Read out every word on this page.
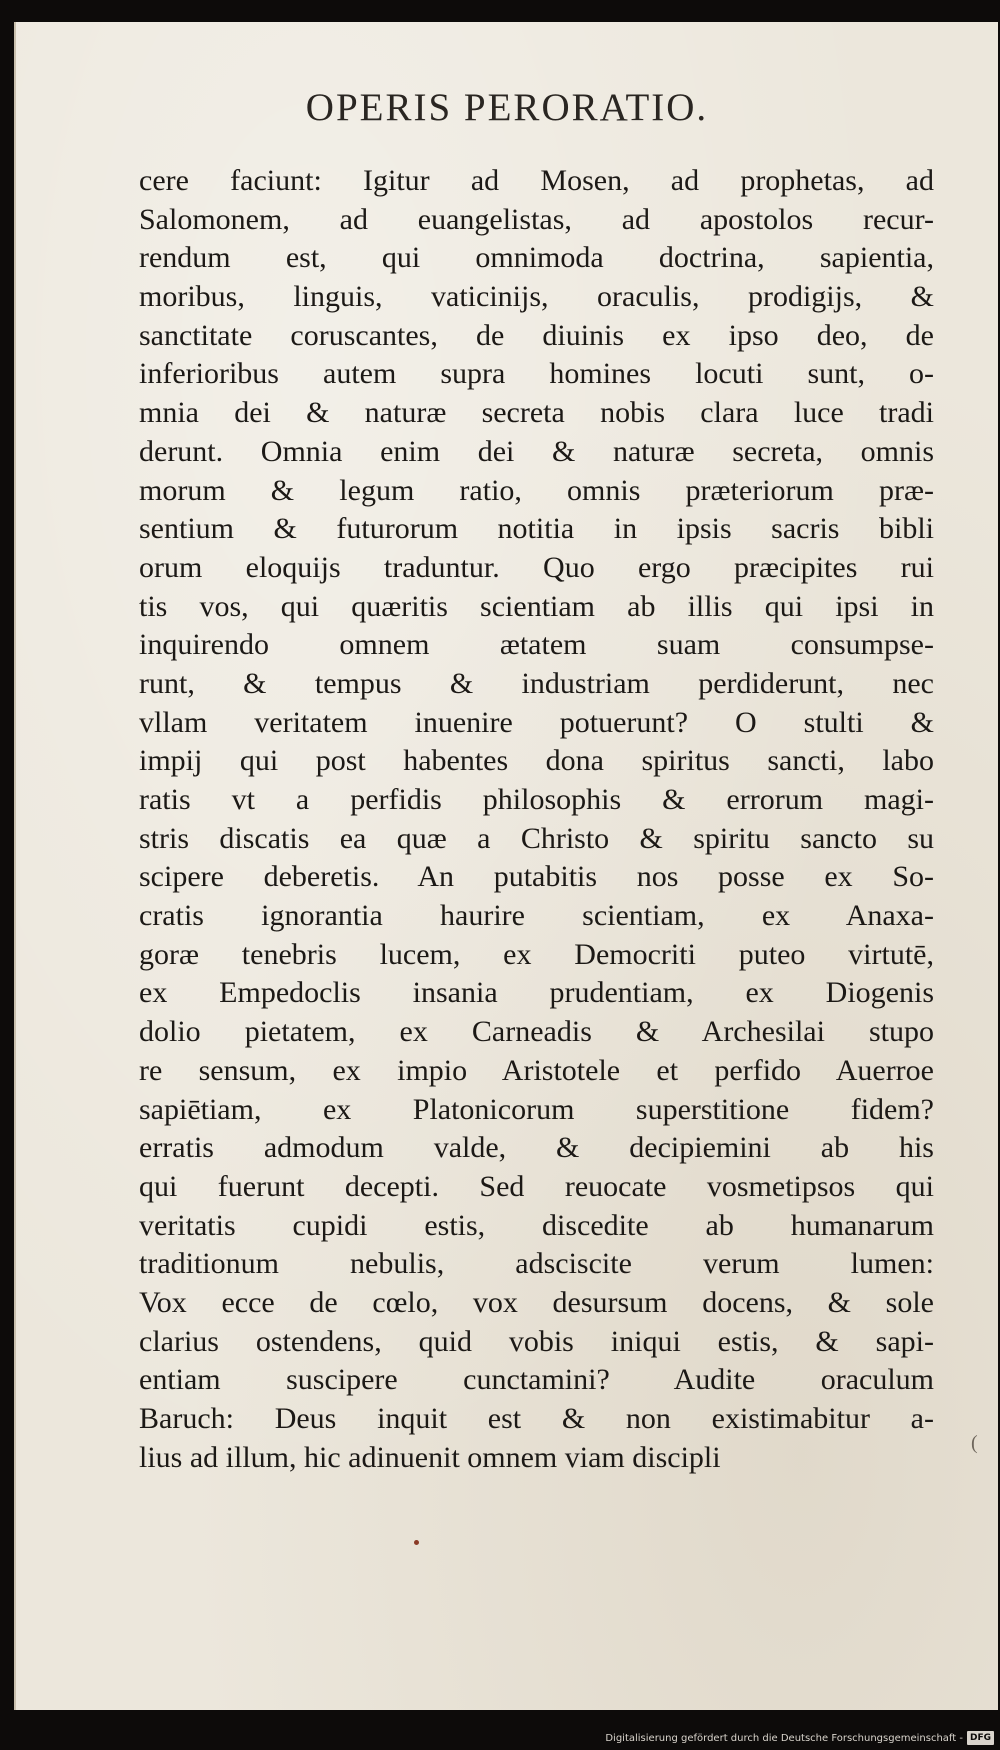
OPERIS PERORATIO.
cere faciunt: Igitur ad Mosen, ad prophetas, ad
Salomonem, ad euangelistas, ad apostolos recur-
rendum est, qui omnimoda doctrina, sapientia,
moribus, linguis, vaticinijs, oraculis, prodigijs, &
sanctitate coruscantes, de diuinis ex ipso deo, de
inferioribus autem supra homines locuti sunt, o-
mnia dei & naturæ secreta nobis clara luce tradi
derunt. Omnia enim dei & naturæ secreta, omnis
morum & legum ratio, omnis præteriorum præ-
sentium & futurorum notitia in ipsis sacris bibli
orum eloquijs traduntur. Quo ergo præcipites rui
tis vos, qui quæritis scientiam ab illis qui ipsi in
inquirendo omnem ætatem suam consumpse-
runt, & tempus & industriam perdiderunt, nec
vllam veritatem inuenire potuerunt? O stulti &
impij qui post habentes dona spiritus sancti, labo
ratis vt a perfidis philosophis & errorum magi-
stris discatis ea quæ a Christo & spiritu sancto su
scipere deberetis. An putabitis nos posse ex So-
cratis ignorantia haurire scientiam, ex Anaxa-
goræ tenebris lucem, ex Democriti puteo virtutē,
ex Empedoclis insania prudentiam, ex Diogenis
dolio pietatem, ex Carneadis & Archesilai stupo
re sensum, ex impio Aristotele et perfido Auerroe
sapiētiam, ex Platonicorum superstitione fidem?
erratis admodum valde, & decipiemini ab his
qui fuerunt decepti. Sed reuocate vosmetipsos qui
veritatis cupidi estis, discedite ab humanarum
traditionum nebulis, adsciscite verum lumen:
Vox ecce de cœlo, vox desursum docens, & sole
clarius ostendens, quid vobis iniqui estis, & sapi-
entiam suscipere cunctamini? Audite oraculum
Baruch: Deus inquit est & non existimabitur a-
lius ad illum, hic adinuenit omnem viam discipli	(
Digitalisierung gefördert durch die Deutsche Forschungsgemeinschaft - DFG
